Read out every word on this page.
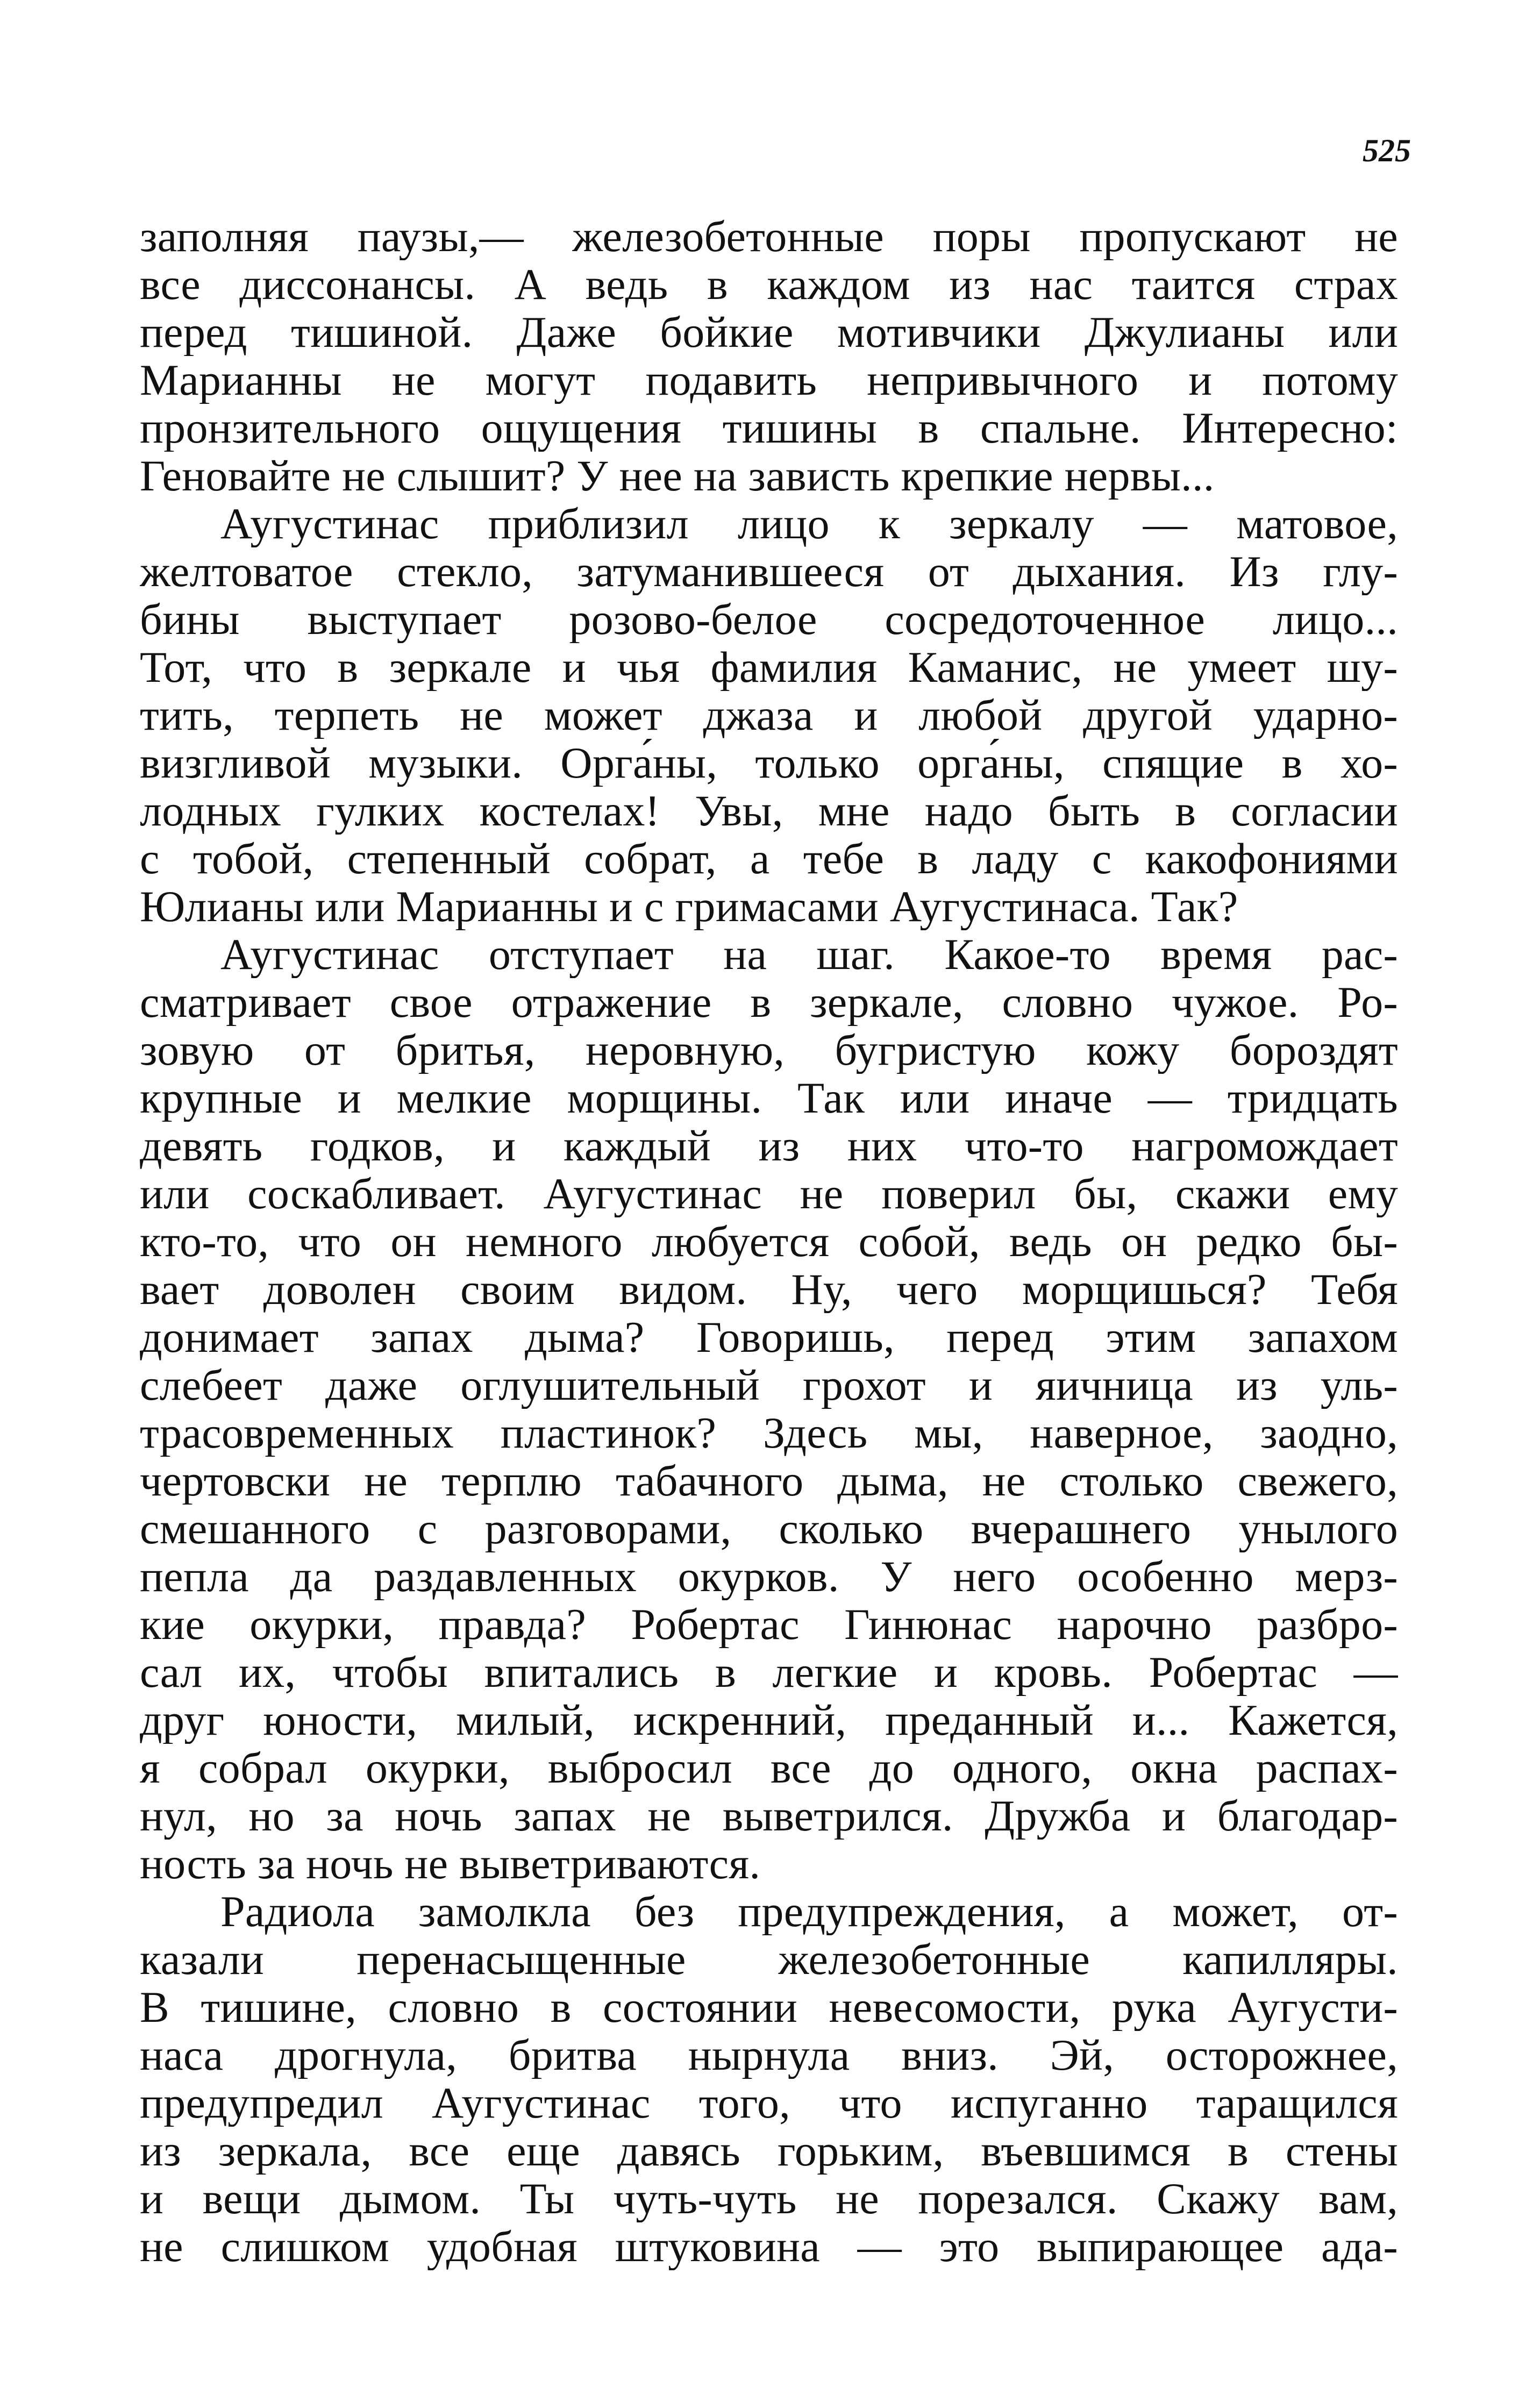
525
заполняя паузы,— железобетонные поры пропускают не
все диссонансы. А ведь в каждом из нас таится страх
перед тишиной. Даже бойкие мотивчики Джулианы или
Марианны не могут подавить непривычного и потому
пронзительного ощущения тишины в спальне. Интересно:
Геновайте не слышит? У нее на зависть крепкие нервы...
Аугустинас приблизил лицо к зеркалу — матовое,
желтоватое стекло, затуманившееся от дыхания. Из глу-
бины выступает розово-белое сосредоточенное лицо...
Тот, что в зеркале и чья фамилия Каманис, не умеет шу-
тить, терпеть не может джаза и любой другой ударно-
визгливой музыки. Орга́ны, только орга́ны, спящие в хо-
лодных гулких костелах! Увы, мне надо быть в согласии
с тобой, степенный собрат, а тебе в ладу с какофониями
Юлианы или Марианны и с гримасами Аугустинаса. Так?
Аугустинас отступает на шаг. Какое-то время рас-
сматривает свое отражение в зеркале, словно чужое. Ро-
зовую от бритья, неровную, бугристую кожу бороздят
крупные и мелкие морщины. Так или иначе — тридцать
девять годков, и каждый из них что-то нагромождает
или соскабливает. Аугустинас не поверил бы, скажи ему
кто-то, что он немного любуется собой, ведь он редко бы-
вает доволен своим видом. Ну, чего морщишься? Тебя
донимает запах дыма? Говоришь, перед этим запахом
слебеет даже оглушительный грохот и яичница из уль-
трасовременных пластинок? Здесь мы, наверное, заодно,
чертовски не терплю табачного дыма, не столько свежего,
смешанного с разговорами, сколько вчерашнего унылого
пепла да раздавленных окурков. У него особенно мерз-
кие окурки, правда? Робертас Гинюнас нарочно разбро-
сал их, чтобы впитались в легкие и кровь. Робертас —
друг юности, милый, искренний, преданный и... Кажется,
я собрал окурки, выбросил все до одного, окна распах-
нул, но за ночь запах не выветрился. Дружба и благодар-
ность за ночь не выветриваются.
Радиола замолкла без предупреждения, а может, от-
казали перенасыщенные железобетонные капилляры.
В тишине, словно в состоянии невесомости, рука Аугусти-
наса дрогнула, бритва нырнула вниз. Эй, осторожнее,
предупредил Аугустинас того, что испуганно таращился
из зеркала, все еще давясь горьким, въевшимся в стены
и вещи дымом. Ты чуть-чуть не порезался. Скажу вам,
не слишком удобная штуковина — это выпирающее ада-
